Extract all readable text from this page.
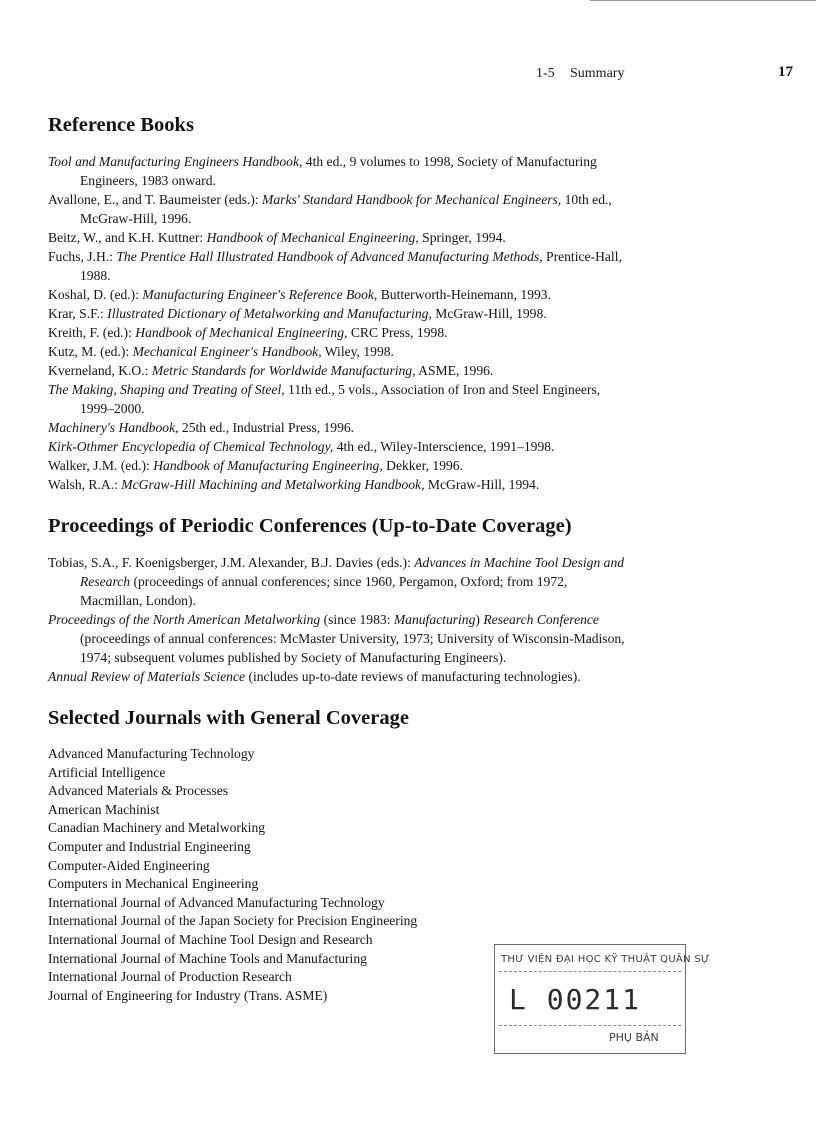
1-5 Summary	17
Reference Books

Tool and Manufacturing Engineers Handbook, 4th ed., 9 volumes to 1998, Society of Manufacturing Engineers, 1983 onward.

Avallone, E., and T. Baumeister (eds.): Marks' Standard Handbook for Mechanical Engineers, 10th ed., McGraw-Hill, 1996.

Beitz, W., and K.H. Kuttner: Handbook of Mechanical Engineering, Springer, 1994.

Fuchs, J.H.: The Prentice Hall Illustrated Handbook of Advanced Manufacturing Methods, Prentice-Hall, 1988.

Koshal, D. (ed.): Manufacturing Engineer's Reference Book, Butterworth-Heinemann, 1993.

Krar, S.F.: Illustrated Dictionary of Metalworking and Manufacturing, McGraw-Hill, 1998.

Kreith, F. (ed.): Handbook of Mechanical Engineering, CRC Press, 1998.

Kutz, M. (ed.): Mechanical Engineer's Handbook, Wiley, 1998.

Kverneland, K.O.: Metric Standards for Worldwide Manufacturing, ASME, 1996.

The Making, Shaping and Treating of Steel, 11th ed., 5 vols., Association of Iron and Steel Engineers, 1999–2000.

Machinery's Handbook, 25th ed., Industrial Press, 1996.

Kirk-Othmer Encyclopedia of Chemical Technology, 4th ed., Wiley-Interscience, 1991–1998.

Walker, J.M. (ed.): Handbook of Manufacturing Engineering, Dekker, 1996.

Walsh, R.A.: McGraw-Hill Machining and Metalworking Handbook, McGraw-Hill, 1994.

Proceedings of Periodic Conferences (Up-to-Date Coverage)

Tobias, S.A., F. Koenigsberger, J.M. Alexander, B.J. Davies (eds.): Advances in Machine Tool Design and Research (proceedings of annual conferences; since 1960, Pergamon, Oxford; from 1972, Macmillan, London).

Proceedings of the North American Metalworking (since 1983: Manufacturing) Research Conference (proceedings of annual conferences: McMaster University, 1973; University of Wisconsin-Madison, 1974; subsequent volumes published by Society of Manufacturing Engineers).

Annual Review of Materials Science (includes up-to-date reviews of manufacturing technologies).

Selected Journals with General Coverage
Advanced Manufacturing Technology
Artificial Intelligence
Advanced Materials & Processes
American Machinist
Canadian Machinery and Metalworking
Computer and Industrial Engineering
Computer-Aided Engineering
Computers in Mechanical Engineering
International Journal of Advanced Manufacturing Technology
International Journal of the Japan Society for Precision Engineering
International Journal of Machine Tool Design and Research
International Journal of Machine Tools and Manufacturing
International Journal of Production Research
Journal of Engineering for Industry (Trans. ASME)
THƯ VIỆN ĐẠI HỌC KỸ THUẬT QUÂN SỰ
L 00211
PHỤ BẢN
